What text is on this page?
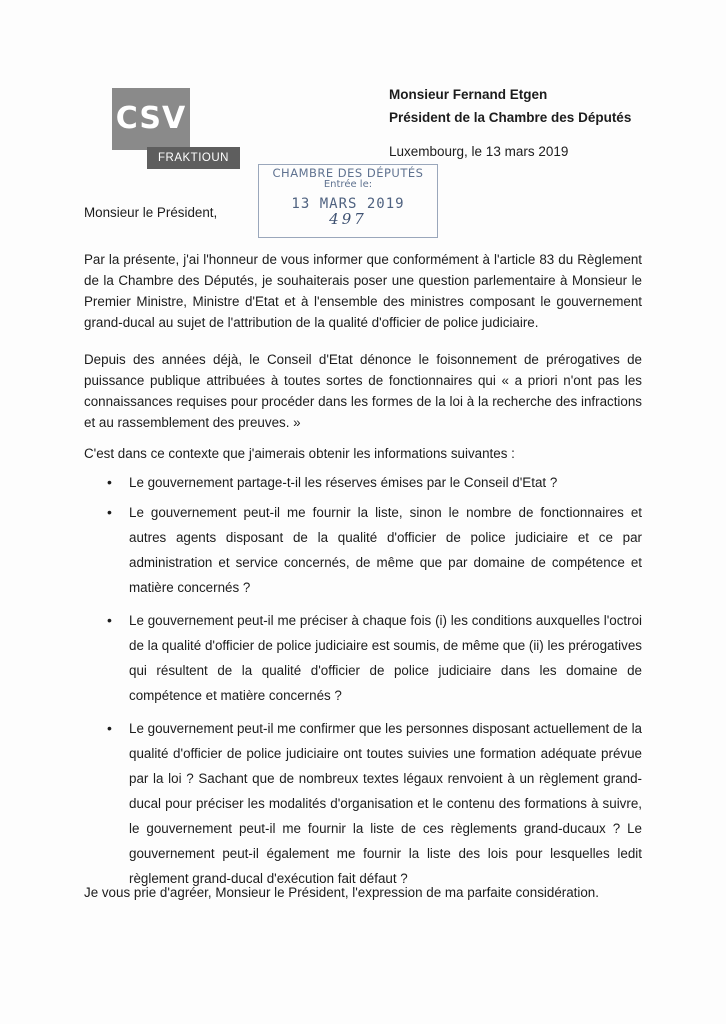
CSV
FRAKTIOUN
Monsieur Fernand Etgen
Président de la Chambre des Députés
Luxembourg, le 13 mars 2019
CHAMBRE DES DÉPUTÉS
Entrée le:
13 MARS 2019
497
Monsieur le Président,
Par la présente, j'ai l'honneur de vous informer que conformément à l'article 83 du Règlement de la Chambre des Députés, je souhaiterais poser une question parlementaire à Monsieur le Premier Ministre, Ministre d'Etat et à l'ensemble des ministres composant le gouvernement grand-ducal au sujet de l'attribution de la qualité d'officier de police judiciaire.
Depuis des années déjà, le Conseil d'Etat dénonce le foisonnement de prérogatives de puissance publique attribuées à toutes sortes de fonctionnaires qui « a priori n'ont pas les connaissances requises pour procéder dans les formes de la loi à la recherche des infractions et au rassemblement des preuves. »
C'est dans ce contexte que j'aimerais obtenir les informations suivantes :
• Le gouvernement partage-t-il les réserves émises par le Conseil d'Etat ?
• Le gouvernement peut-il me fournir la liste, sinon le nombre de fonctionnaires et autres agents disposant de la qualité d'officier de police judiciaire et ce par administration et service concernés, de même que par domaine de compétence et matière concernés ?
• Le gouvernement peut-il me préciser à chaque fois (i) les conditions auxquelles l'octroi de la qualité d'officier de police judiciaire est soumis, de même que (ii) les prérogatives qui résultent de la qualité d'officier de police judiciaire dans les domaine de compétence et matière concernés ?
• Le gouvernement peut-il me confirmer que les personnes disposant actuellement de la qualité d'officier de police judiciaire ont toutes suivies une formation adéquate prévue par la loi ? Sachant que de nombreux textes légaux renvoient à un règlement grand-ducal pour préciser les modalités d'organisation et le contenu des formations à suivre, le gouvernement peut-il me fournir la liste de ces règlements grand-ducaux ? Le gouvernement peut-il également me fournir la liste des lois pour lesquelles ledit règlement grand-ducal d'exécution fait défaut ?
Je vous prie d'agréer, Monsieur le Président, l'expression de ma parfaite considération.
